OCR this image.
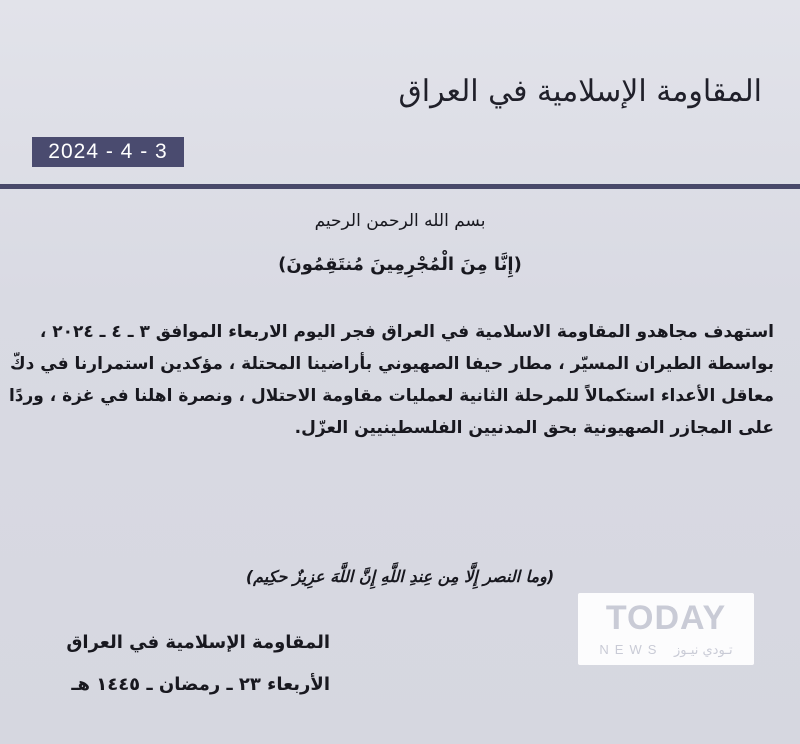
المقاومة الإسلامية في العراق
2024 - 4 - 3
بسم الله الرحمن الرحيم
(إِنَّا مِنَ الْمُجْرِمِينَ مُنتَقِمُونَ)
استهدف مجاهدو المقاومة الاسلامية في العراق فجر اليوم الاربعاء الموافق ٣ ـ ٤ ـ ٢٠٢٤ ،
بواسطة الطيران المسيّر ، مطار حيفا الصهيوني بأراضينا المحتلة ، مؤكدين استمرارنا في دكّ
معاقل الأعداء استكمالاً للمرحلة الثانية لعمليات مقاومة الاحتلال ، ونصرة اهلنا في غزة ، وردًا
على المجازر الصهيونية بحق المدنيين الفلسطينيين العزّل.
(وما النصر إِلَّا مِن عِندِ اللَّهِ إِنَّ اللَّهَ عزِيزٌ حكِيم)
المقاومة الإسلامية في العراق
الأربعاء ٢٣ ـ رمضان ـ ١٤٤٥ هـ
TODAY
NEWS تـودي نيـوز
